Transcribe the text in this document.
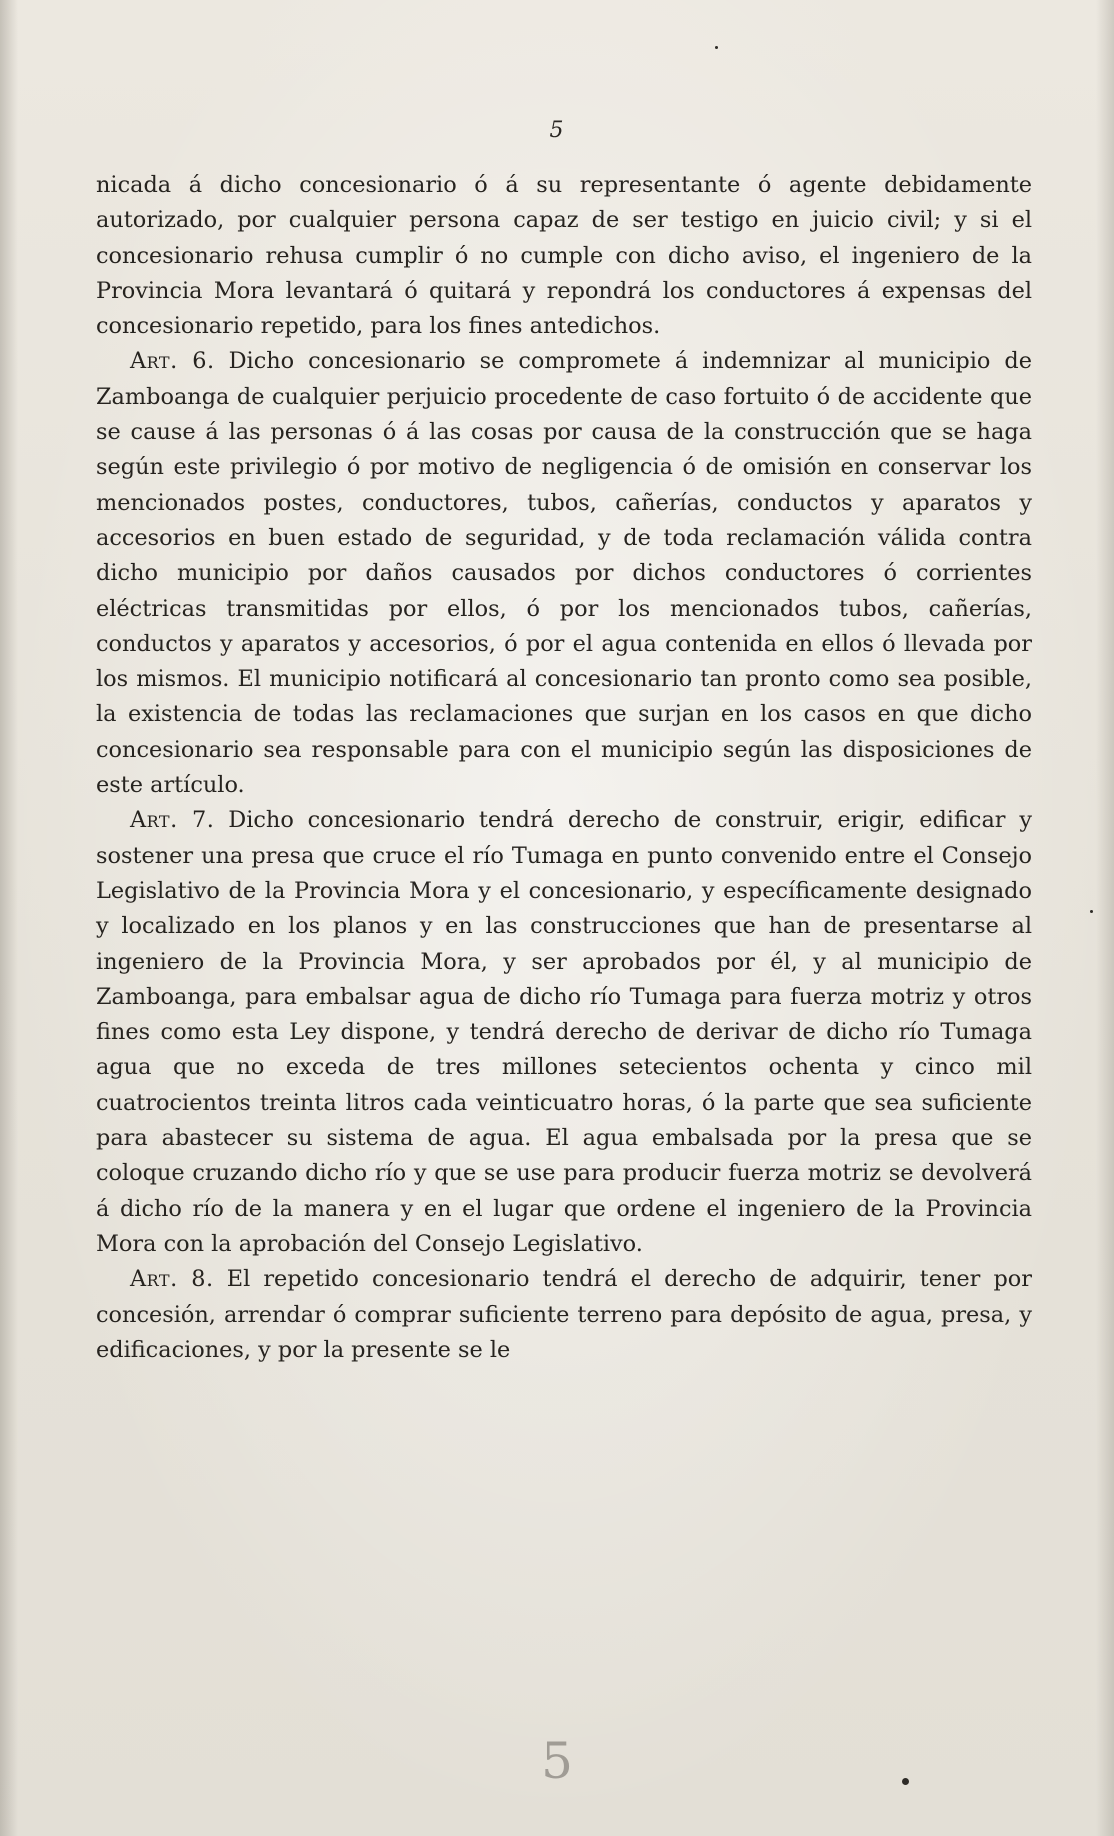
5

nicada á dicho concesionario ó á su representante ó agente debidamente autorizado, por cualquier persona capaz de ser testigo en juicio civil; y si el concesionario rehusa cumplir ó no cumple con dicho aviso, el ingeniero de la Provincia Mora levantará ó quitará y repondrá los conductores á expensas del concesionario repetido, para los fines antedichos.

Art. 6. Dicho concesionario se compromete á indemnizar al municipio de Zamboanga de cualquier perjuicio procedente de caso fortuito ó de accidente que se cause á las personas ó á las cosas por causa de la construcción que se haga según este privilegio ó por motivo de negligencia ó de omisión en conservar los mencionados postes, conductores, tubos, cañerías, conductos y aparatos y accesorios en buen estado de seguridad, y de toda reclamación válida contra dicho municipio por daños causados por dichos conductores ó corrientes eléctricas transmitidas por ellos, ó por los mencionados tubos, cañerías, conductos y aparatos y accesorios, ó por el agua contenida en ellos ó llevada por los mismos. El municipio notificará al concesionario tan pronto como sea posible, la existencia de todas las reclamaciones que surjan en los casos en que dicho concesionario sea responsable para con el municipio según las disposiciones de este artículo.

Art. 7. Dicho concesionario tendrá derecho de construir, erigir, edificar y sostener una presa que cruce el río Tumaga en punto convenido entre el Consejo Legislativo de la Provincia Mora y el concesionario, y específicamente designado y localizado en los planos y en las construcciones que han de presentarse al ingeniero de la Provincia Mora, y ser aprobados por él, y al municipio de Zamboanga, para embalsar agua de dicho río Tumaga para fuerza motriz y otros fines como esta Ley dispone, y tendrá derecho de derivar de dicho río Tumaga agua que no exceda de tres millones setecientos ochenta y cinco mil cuatrocientos treinta litros cada veinticuatro horas, ó la parte que sea suficiente para abastecer su sistema de agua. El agua embalsada por la presa que se coloque cruzando dicho río y que se use para producir fuerza motriz se devolverá á dicho río de la manera y en el lugar que ordene el ingeniero de la Provincia Mora con la aprobación del Consejo Legislativo.

Art. 8. El repetido concesionario tendrá el derecho de adquirir, tener por concesión, arrendar ó comprar suficiente terreno para depósito de agua, presa, y edificaciones, y por la presente se le

5
